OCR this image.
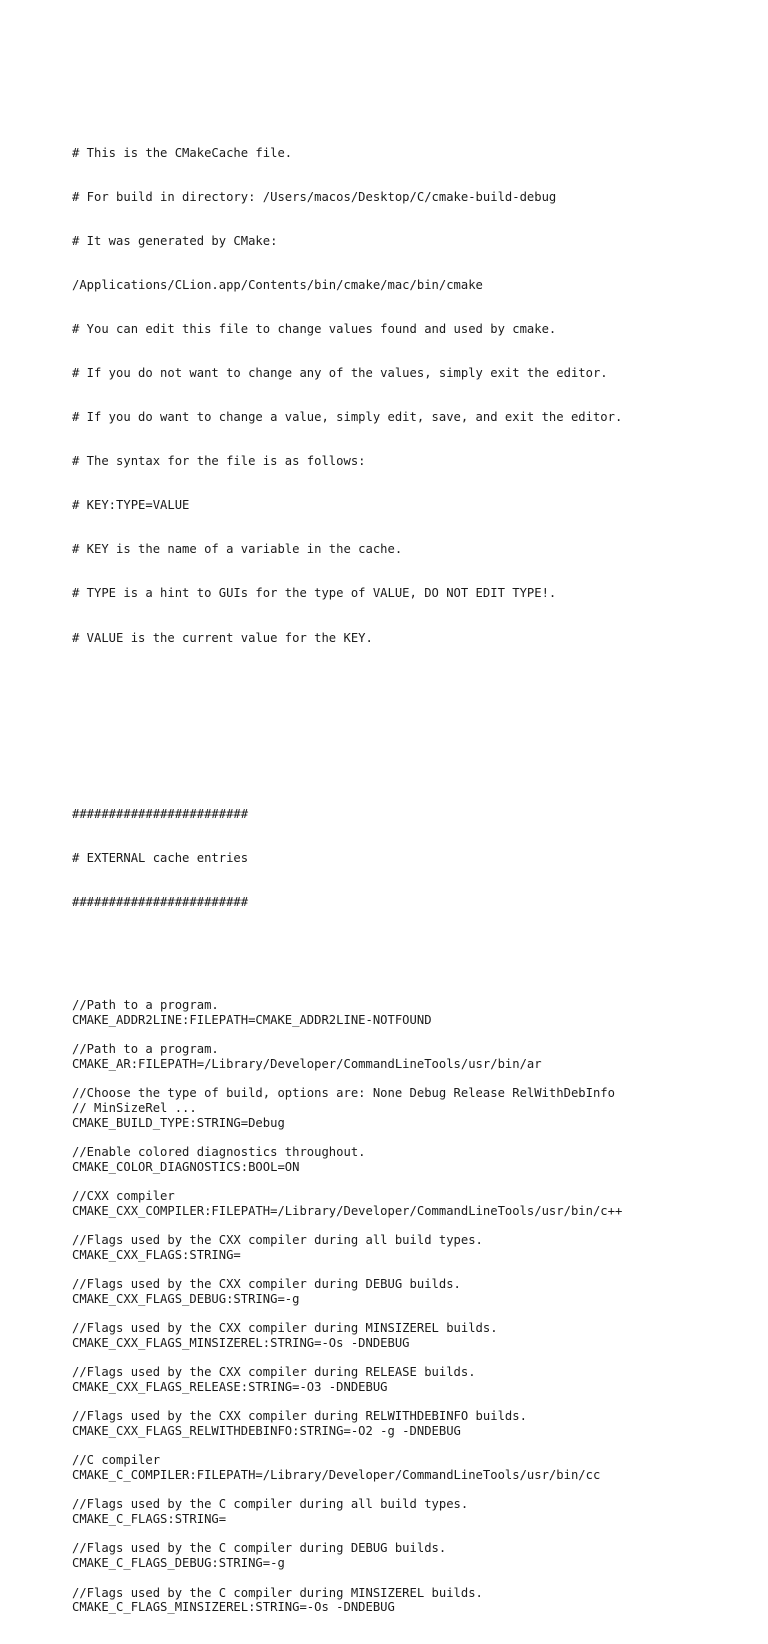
# This is the CMakeCache file.

# For build in directory: /Users/macos/Desktop/C/cmake-build-debug

# It was generated by CMake:

/Applications/CLion.app/Contents/bin/cmake/mac/bin/cmake

# You can edit this file to change values found and used by cmake.

# If you do not want to change any of the values, simply exit the editor.

# If you do want to change a value, simply edit, save, and exit the editor.

# The syntax for the file is as follows:

# KEY:TYPE=VALUE

# KEY is the name of a variable in the cache.

# TYPE is a hint to GUIs for the type of VALUE, DO NOT EDIT TYPE!.

# VALUE is the current value for the KEY.

########################

# EXTERNAL cache entries

########################

//Path to a program.
CMAKE_ADDR2LINE:FILEPATH=CMAKE_ADDR2LINE-NOTFOUND
//Path to a program.
CMAKE_AR:FILEPATH=/Library/Developer/CommandLineTools/usr/bin/ar
//Choose the type of build, options are: None Debug Release RelWithDebInfo
// MinSizeRel ...
CMAKE_BUILD_TYPE:STRING=Debug
//Enable colored diagnostics throughout.
CMAKE_COLOR_DIAGNOSTICS:BOOL=ON
//CXX compiler
CMAKE_CXX_COMPILER:FILEPATH=/Library/Developer/CommandLineTools/usr/bin/c++
//Flags used by the CXX compiler during all build types.
CMAKE_CXX_FLAGS:STRING=
//Flags used by the CXX compiler during DEBUG builds.
CMAKE_CXX_FLAGS_DEBUG:STRING=-g
//Flags used by the CXX compiler during MINSIZEREL builds.
CMAKE_CXX_FLAGS_MINSIZEREL:STRING=-Os -DNDEBUG
//Flags used by the CXX compiler during RELEASE builds.
CMAKE_CXX_FLAGS_RELEASE:STRING=-O3 -DNDEBUG
//Flags used by the CXX compiler during RELWITHDEBINFO builds.
CMAKE_CXX_FLAGS_RELWITHDEBINFO:STRING=-O2 -g -DNDEBUG
//C compiler
CMAKE_C_COMPILER:FILEPATH=/Library/Developer/CommandLineTools/usr/bin/cc
//Flags used by the C compiler during all build types.
CMAKE_C_FLAGS:STRING=
//Flags used by the C compiler during DEBUG builds.
CMAKE_C_FLAGS_DEBUG:STRING=-g
//Flags used by the C compiler during MINSIZEREL builds.
CMAKE_C_FLAGS_MINSIZEREL:STRING=-Os -DNDEBUG
